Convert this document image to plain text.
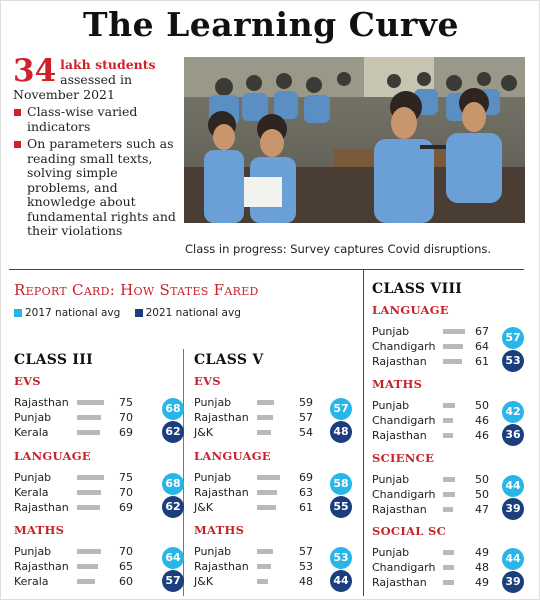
The Learning Curve
34 lakh students
assessed in November 2021
Class-wise varied indicators
On parameters such as reading small texts, solving simple problems, and knowledge about fundamental rights and their violations
Class in progress: Survey captures Covid disruptions.
Report Card: How States Fared
2017 national avg 2021 national avg
CLASS III
EVS
Rajasthan	75
Punjab	70
Kerala	69
68
62
LANGUAGE
Punjab	75
Kerala	70
Rajasthan	69
68
62
MATHS
Punjab	70
Rajasthan	65
Kerala	60
64
57
CLASS V
EVS
Punjab	59
Rajasthan	57
J&K	54
57
48
LANGUAGE
Punjab	69
Rajasthan	63
J&K	61
58
55
MATHS
Punjab	57
Rajasthan	53
J&K	48
53
44
CLASS VIII
LANGUAGE
Punjab	67
Chandigarh	64
Rajasthan	61
57
53
MATHS
Punjab	50
Chandigarh	46
Rajasthan	46
42
36
SCIENCE
Punjab	50
Chandigarh	50
Rajasthan	47
44
39
SOCIAL SC
Punjab	49
Chandigarh	48
Rajasthan	49
44
39
